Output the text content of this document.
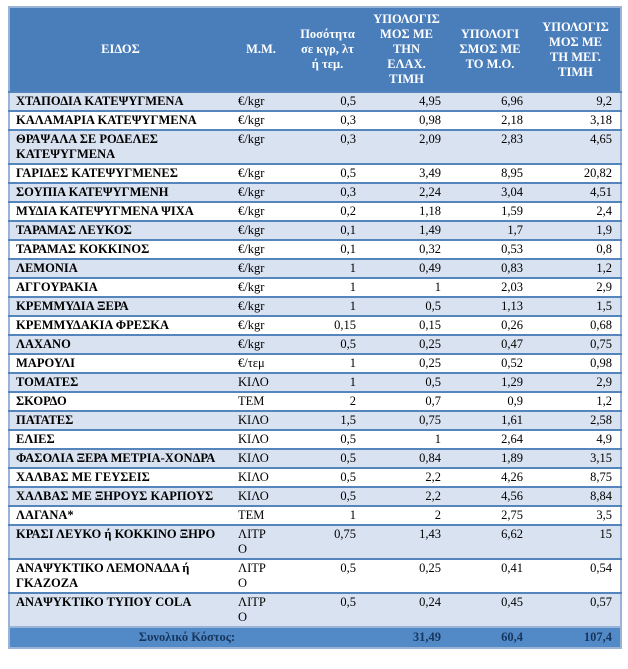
ΕΙΔΟΣ	Μ.Μ.	Ποσότητα σε κγρ, λτ ή τεμ.	ΥΠΟΛΟΓΙΣΜΟΣ ΜΕ ΤΗΝ ΕΛΑΧ. ΤΙΜΗ	ΥΠΟΛΟΓΙΣΜΟΣ ΜΕ ΤΟ Μ.Ο.	ΥΠΟΛΟΓΙΣΜΟΣ ΜΕ ΤΗ ΜΕΓ. ΤΙΜΗ
ΧΤΑΠΟΔΙΑ ΚΑΤΕΨΥΓΜΕΝΑ	€/kgr	0,5	4,95	6,96	9,2
ΚΑΛΑΜΑΡΙΑ ΚΑΤΕΨΥΓΜΕΝΑ	€/kgr	0,3	0,98	2,18	3,18
ΘΡΑΨΑΛΑ ΣΕ ΡΟΔΕΛΕΣ ΚΑΤΕΨΥΓΜΕΝΑ	€/kgr	0,3	2,09	2,83	4,65
ΓΑΡΙΔΕΣ ΚΑΤΕΨΥΓΜΕΝΕΣ	€/kgr	0,5	3,49	8,95	20,82
ΣΟΥΠΙΑ ΚΑΤΕΨΥΓΜΕΝΗ	€/kgr	0,3	2,24	3,04	4,51
ΜΥΔΙΑ ΚΑΤΕΨΥΓΜΕΝΑ ΨΙΧΑ	€/kgr	0,2	1,18	1,59	2,4
ΤΑΡΑΜΑΣ ΛΕΥΚΟΣ	€/kgr	0,1	1,49	1,7	1,9
ΤΑΡΑΜΑΣ ΚΟΚΚΙΝΟΣ	€/kgr	0,1	0,32	0,53	0,8
ΛΕΜΟΝΙΑ	€/kgr	1	0,49	0,83	1,2
ΑΓΓΟΥΡΑΚΙΑ	€/kgr	1	1	2,03	2,9
ΚΡΕΜΜΥΔΙΑ ΞΕΡΑ	€/kgr	1	0,5	1,13	1,5
ΚΡΕΜΜΥΔΑΚΙΑ ΦΡΕΣΚΑ	€/kgr	0,15	0,15	0,26	0,68
ΛΑΧΑΝΟ	€/kgr	0,5	0,25	0,47	0,75
ΜΑΡΟΥΛΙ	€/τεμ	1	0,25	0,52	0,98
ΤΟΜΑΤΕΣ	ΚΙΛΟ	1	0,5	1,29	2,9
ΣΚΟΡΔΟ	ΤΕΜ	2	0,7	0,9	1,2
ΠΑΤΑΤΕΣ	ΚΙΛΟ	1,5	0,75	1,61	2,58
ΕΛΙΕΣ	ΚΙΛΟ	0,5	1	2,64	4,9
ΦΑΣΟΛΙΑ ΞΕΡΑ ΜΕΤΡΙΑ-ΧΟΝΔΡΑ	ΚΙΛΟ	0,5	0,84	1,89	3,15
ΧΑΛΒΑΣ ΜΕ ΓΕΥΣΕΙΣ	ΚΙΛΟ	0,5	2,2	4,26	8,75
ΧΑΛΒΑΣ ΜΕ ΞΗΡΟΥΣ ΚΑΡΠΟΥΣ	ΚΙΛΟ	0,5	2,2	4,56	8,84
ΛΑΓΑΝΑ*	ΤΕΜ	1	2	2,75	3,5
ΚΡΑΣΙ ΛΕΥΚΟ ή ΚΟΚΚΙΝΟ ΞΗΡΟ	ΛΙΤΡΟ	0,75	1,43	6,62	15
ΑΝΑΨΥΚΤΙΚΟ ΛΕΜΟΝΑΔΑ ή ΓΚΑΖΟΖΑ	ΛΙΤΡΟ	0,5	0,25	0,41	0,54
ΑΝΑΨΥΚΤΙΚΟ ΤΥΠΟΥ COLA	ΛΙΤΡΟ	0,5	0,24	0,45	0,57
Συνολικό Κόστος:			31,49	60,4	107,4
